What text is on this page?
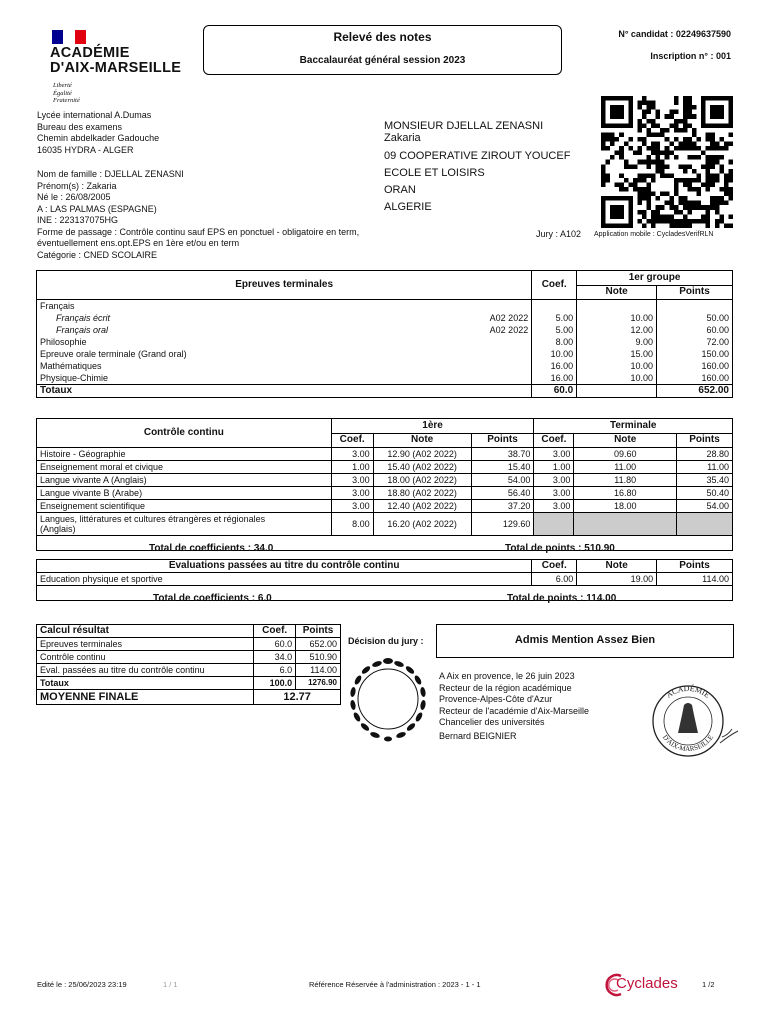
ACADÉMIE
D'AIX-MARSEILLE
Liberté
Égalité
Fraternité
Relevé des notes
Baccalauréat général session 2023
N° candidat : 02249637590
Inscription n° : 001
Lycée international A.Dumas
Bureau des examens
Chemin abdelkader Gadouche
16035 HYDRA - ALGER
MONSIEUR DJELLAL ZENASNI
Zakaria
09 COOPERATIVE ZIROUT YOUCEF
ECOLE ET LOISIRS
ORAN
ALGERIE
Nom de famille : DJELLAL ZENASNI
Prénom(s) : Zakaria
Né le : 26/08/2005
A : LAS PALMAS (ESPAGNE)
INE : 223137075HG
Forme de passage : Contrôle continu sauf EPS en ponctuel - obligatoire en term,
éventuellement ens.opt.EPS en 1ère et/ou en term
Catégorie : CNED SCOLAIRE
Jury : A102 Application mobile : CycladesVerifRLN
Epreuves terminales	Coef.	1er groupe	
		Note	Points
Français			
Français écrit A02 2022	5.00	10.00	50.00
Français oral A02 2022	5.00	12.00	60.00
Philosophie	8.00	9.00	72.00
Epreuve orale terminale (Grand oral)	10.00	15.00	150.00
Mathématiques	16.00	10.00	160.00
Physique-Chimie	16.00	10.00	160.00
Totaux	60.0		652.00
Contrôle continu	1ère			Terminale		
	Coef.	Note	Points	Coef.	Note	Points
Histoire - Géographie	3.00	12.90 (A02 2022)	38.70	3.00	09.60	28.80
Enseignement moral et civique	1.00	15.40 (A02 2022)	15.40	1.00	11.00	11.00
Langue vivante A (Anglais)	3.00	18.00 (A02 2022)	54.00	3.00	11.80	35.40
Langue vivante B (Arabe)	3.00	18.80 (A02 2022)	56.40	3.00	16.80	50.40
Enseignement scientifique	3.00	12.40 (A02 2022)	37.20	3.00	18.00	54.00

Langues, littératures et cultures étrangères et régionales
(Anglais)	8.00	16.20 (A02 2022)	129.60			

Total de coefficients : 34.0 Total de points : 510.90						
Evaluations passées au titre du contrôle continu	Coef.	Note	Points
Education physique et sportive	6.00	19.00	114.00

Total de coefficients : 6.0 Total de points : 114.00			
Calcul résultat	Coef.	Points
Epreuves terminales	60.0	652.00
Contrôle continu	34.0	510.90
Eval. passées au titre du contrôle continu	6.0	114.00
Totaux	100.0	1276.90
MOYENNE FINALE	12.77	
Décision du jury :	Admis Mention Assez Bien
A Aix en provence, le 26 juin 2023
Recteur de la région académique
Provence-Alpes-Côte d'Azur
Recteur de l'académie d'Aix-Marseille
Chancelier des universités
Bernard BEIGNIER
ACADÉMIE
D'AIX-MARSEILLE
Edité le : 25/06/2023 23:19	1 / 1	Référence Réservée à l'administration : 2023 - 1 - 1	Cyclades	1 /2
